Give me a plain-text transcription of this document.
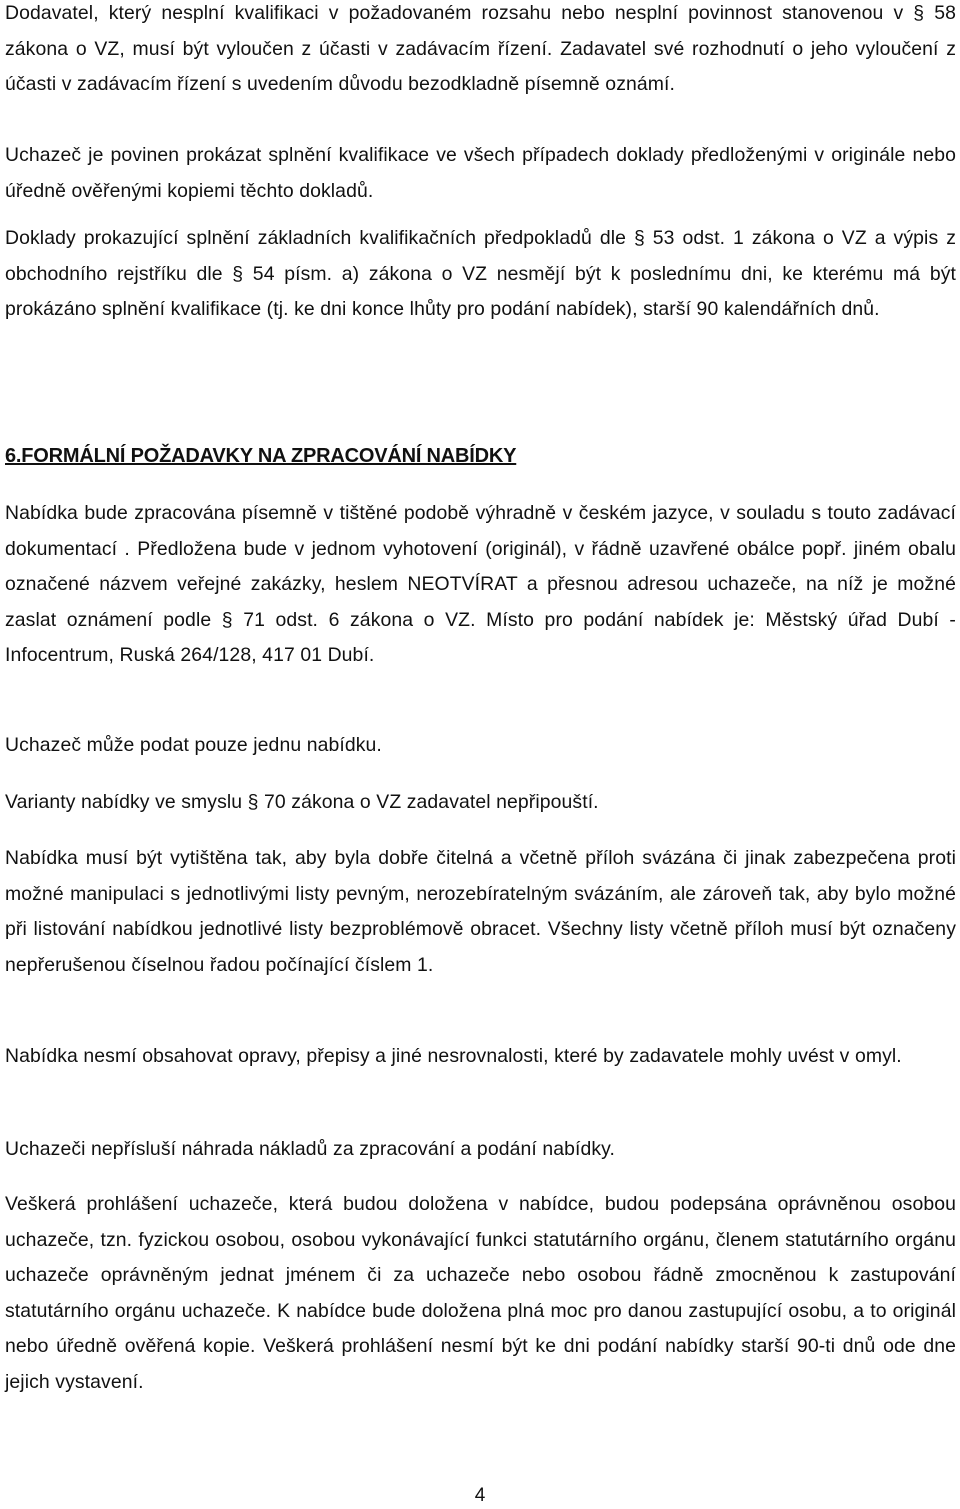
Dodavatel, který nesplní kvalifikaci v požadovaném rozsahu nebo nesplní povinnost stanovenou v § 58 zákona o VZ, musí být vyloučen z účasti v zadávacím řízení. Zadavatel své rozhodnutí o jeho vyloučení z účasti v zadávacím řízení s uvedením důvodu bezodkladně písemně oznámí.

Uchazeč je povinen prokázat splnění kvalifikace ve všech případech doklady předloženými v originále nebo úředně ověřenými kopiemi těchto dokladů.

Doklady prokazující splnění základních kvalifikačních předpokladů dle § 53 odst. 1 zákona o VZ a výpis z obchodního rejstříku dle § 54 písm. a) zákona o VZ nesmějí být k poslednímu dni, ke kterému má být prokázáno splnění kvalifikace (tj. ke dni konce lhůty pro podání nabídek), starší 90 kalendářních dnů.

6.FORMÁLNÍ POŽADAVKY NA ZPRACOVÁNÍ NABÍDKY

Nabídka bude zpracována písemně v tištěné podobě výhradně v českém jazyce, v souladu s touto zadávací dokumentací . Předložena bude v jednom vyhotovení (originál), v řádně uzavřené obálce popř. jiném obalu označené názvem veřejné zakázky, heslem NEOTVÍRAT a přesnou adresou uchazeče, na níž je možné zaslat oznámení podle § 71 odst. 6 zákona o VZ. Místo pro podání nabídek je: Městský úřad Dubí - Infocentrum, Ruská 264/128, 417 01 Dubí.

Uchazeč může podat pouze jednu nabídku.

Varianty nabídky ve smyslu § 70 zákona o VZ zadavatel nepřipouští.

Nabídka musí být vytištěna tak, aby byla dobře čitelná a včetně příloh svázána či jinak zabezpečena proti možné manipulaci s jednotlivými listy pevným, nerozebíratelným svázáním, ale zároveň tak, aby bylo možné při listování nabídkou jednotlivé listy bezproblémově obracet. Všechny listy včetně příloh musí být označeny nepřerušenou číselnou řadou počínající číslem 1.

Nabídka nesmí obsahovat opravy, přepisy a jiné nesrovnalosti, které by zadavatele mohly uvést v omyl.

Uchazeči nepřísluší náhrada nákladů za zpracování a podání nabídky.

Veškerá prohlášení uchazeče, která budou doložena v nabídce, budou podepsána oprávněnou osobou uchazeče, tzn. fyzickou osobou, osobou vykonávající funkci statutárního orgánu, členem statutárního orgánu uchazeče oprávněným jednat jménem či za uchazeče nebo osobou řádně zmocněnou k zastupování statutárního orgánu uchazeče. K nabídce bude doložena plná moc pro danou zastupující osobu, a to originál nebo úředně ověřená kopie. Veškerá prohlášení nesmí být ke dni podání nabídky starší 90-ti dnů ode dne jejich vystavení.

4
